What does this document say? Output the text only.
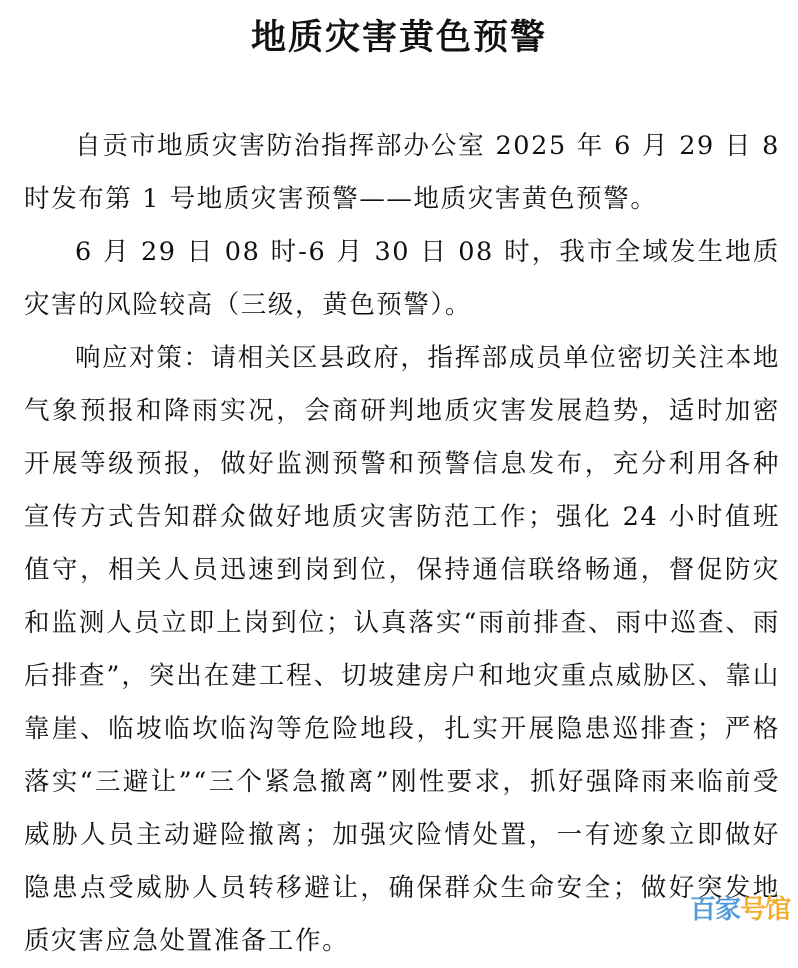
地质灾害黄色预警

自贡市地质灾害防治指挥部办公室 2025 年 6 月 29 日 8 时发布第 1 号地质灾害预警——地质灾害黄色预警。

6 月 29 日 08 时-6 月 30 日 08 时，我市全域发生地质灾害的风险较高（三级，黄色预警）。

响应对策：请相关区县政府，指挥部成员单位密切关注本地气象预报和降雨实况，会商研判地质灾害发展趋势，适时加密开展等级预报，做好监测预警和预警信息发布，充分利用各种宣传方式告知群众做好地质灾害防范工作；强化 24 小时值班值守，相关人员迅速到岗到位，保持通信联络畅通，督促防灾和监测人员立即上岗到位；认真落实“雨前排查、雨中巡查、雨后排查”，突出在建工程、切坡建房户和地灾重点威胁区、靠山靠崖、临坡临坎临沟等危险地段，扎实开展隐患巡排查；严格落实“三避让”“三个紧急撤离”刚性要求，抓好强降雨来临前受威胁人员主动避险撤离；加强灾险情处置，一有迹象立即做好隐患点受威胁人员转移避让，确保群众生命安全；做好突发地质灾害应急处置准备工作。

百家 号馆
